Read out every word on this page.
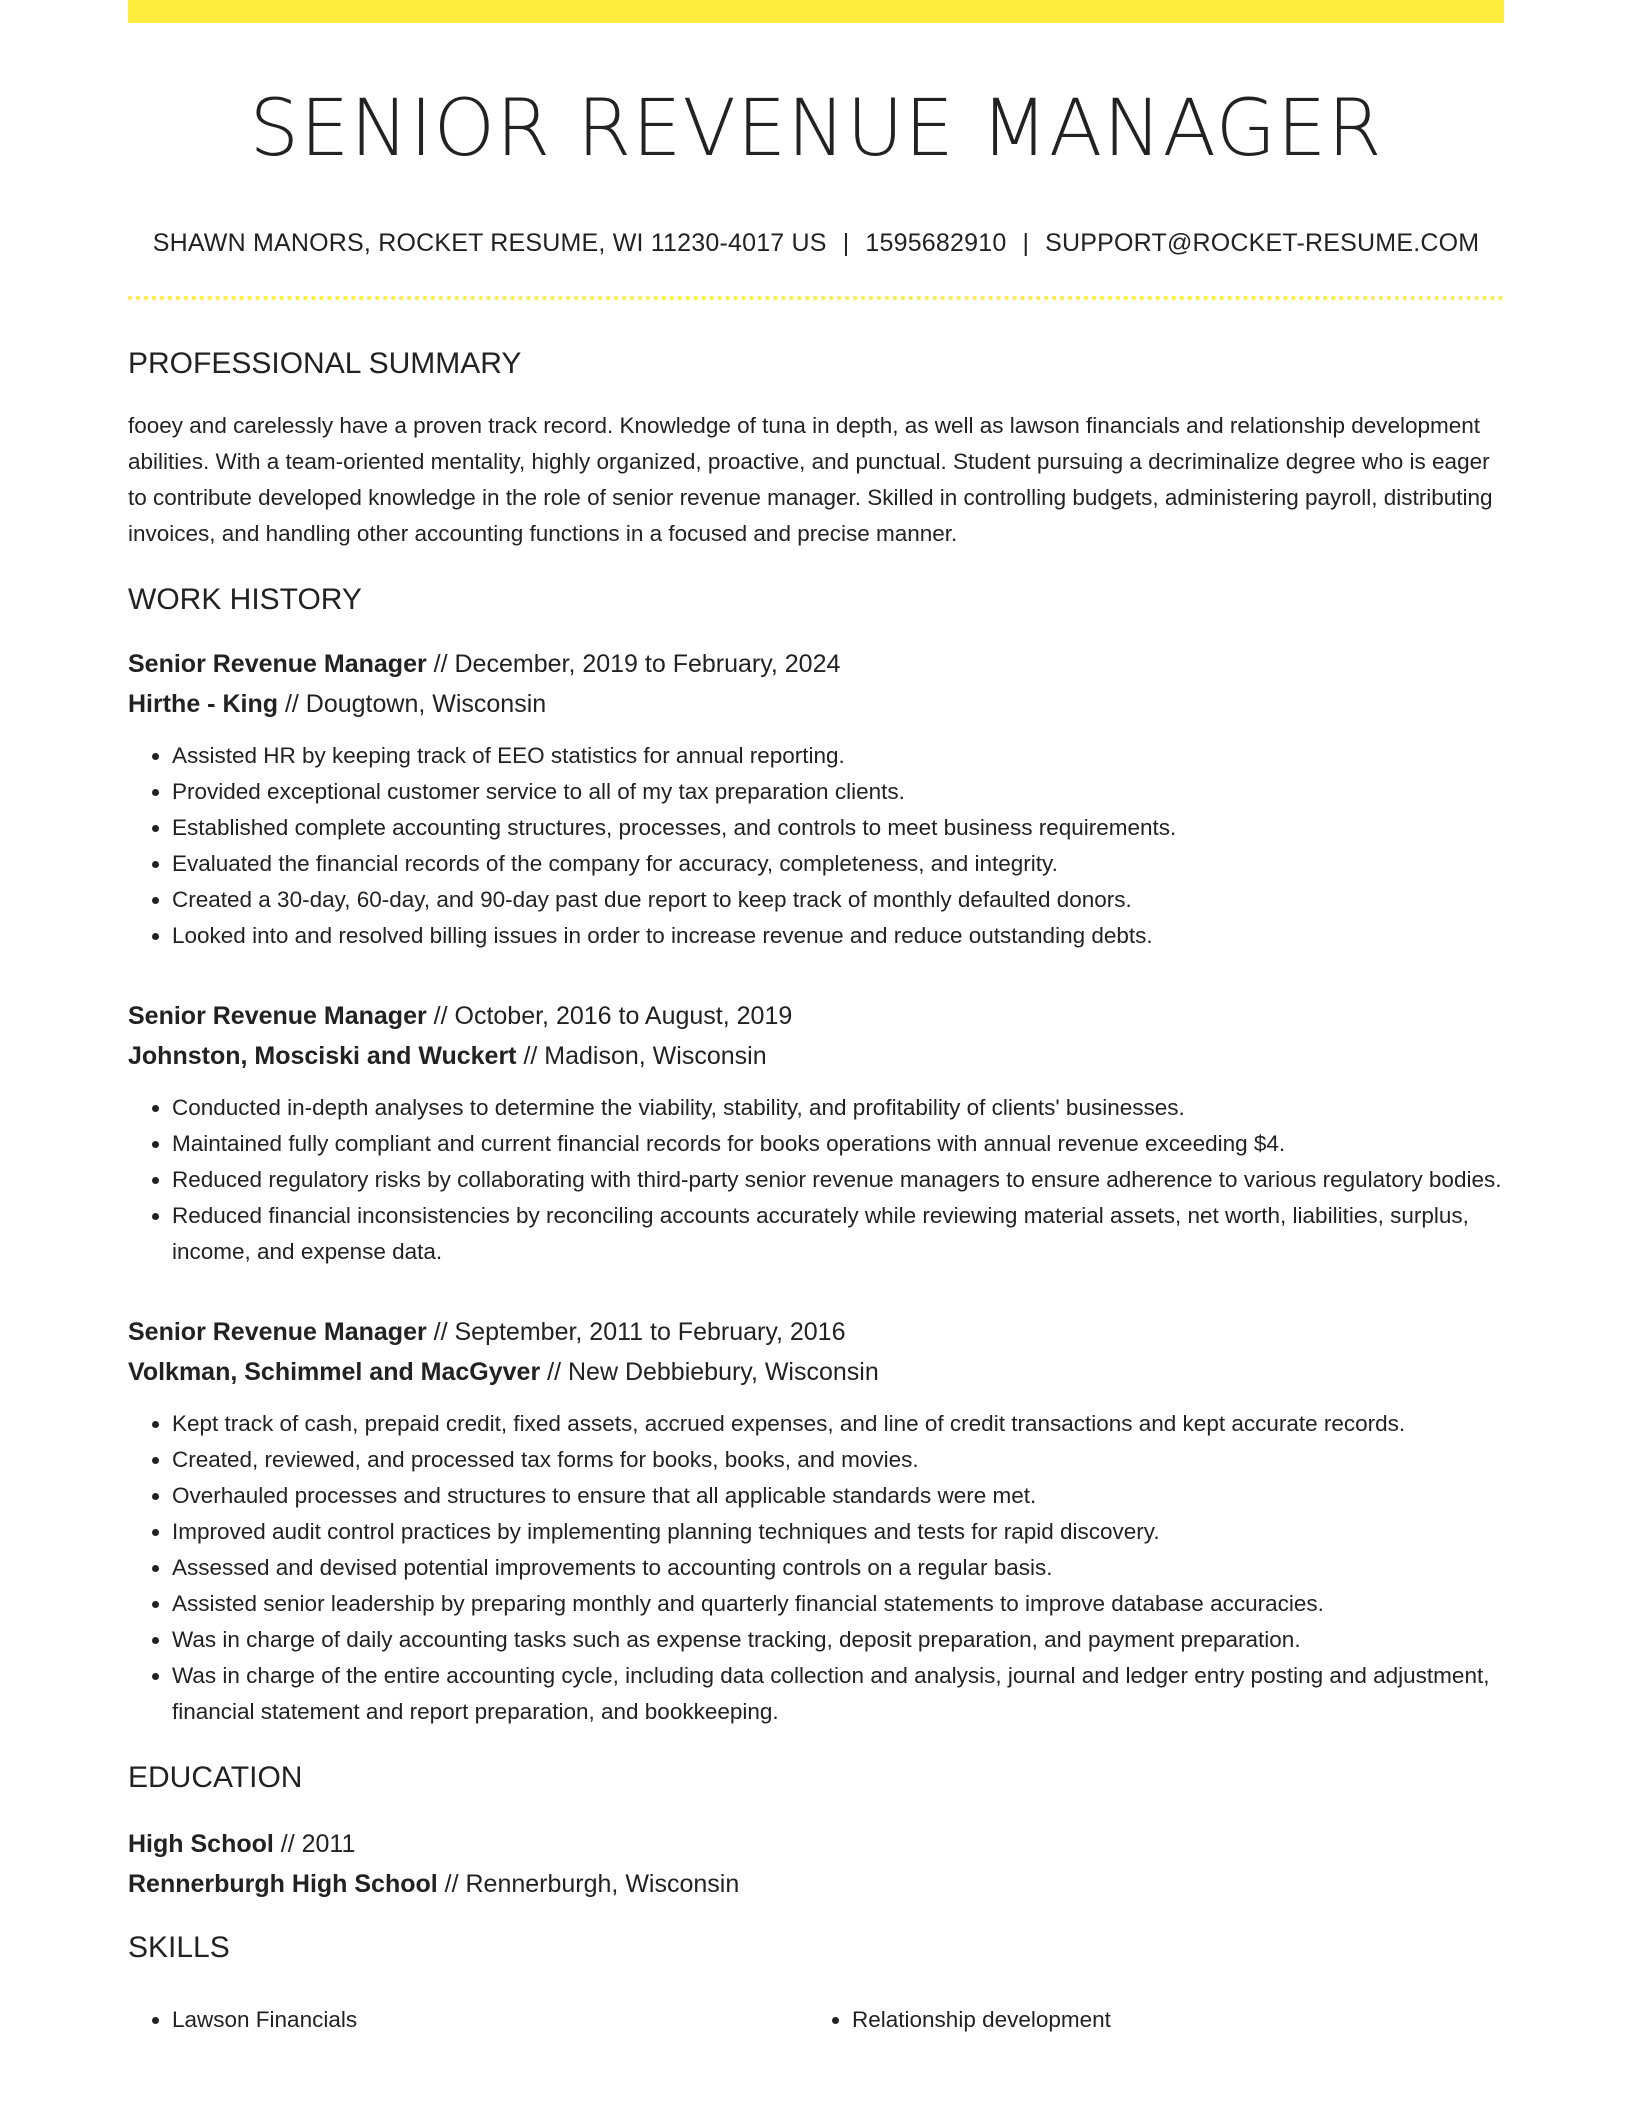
SENIOR REVENUE MANAGER
SHAWN MANORS, ROCKET RESUME, WI 11230-4017 US | 1595682910 | SUPPORT@ROCKET-RESUME.COM
PROFESSIONAL SUMMARY

fooey and carelessly have a proven track record. Knowledge of tuna in depth, as well as lawson financials and relationship development abilities. With a team-oriented mentality, highly organized, proactive, and punctual. Student pursuing a decriminalize degree who is eager to contribute developed knowledge in the role of senior revenue manager. Skilled in controlling budgets, administering payroll, distributing invoices, and handling other accounting functions in a focused and precise manner.

WORK HISTORY
Senior Revenue Manager // December, 2019 to February, 2024
Hirthe - King // Dougtown, Wisconsin
• Assisted HR by keeping track of EEO statistics for annual reporting.
• Provided exceptional customer service to all of my tax preparation clients.
• Established complete accounting structures, processes, and controls to meet business requirements.
• Evaluated the financial records of the company for accuracy, completeness, and integrity.
• Created a 30-day, 60-day, and 90-day past due report to keep track of monthly defaulted donors.
• Looked into and resolved billing issues in order to increase revenue and reduce outstanding debts.
Senior Revenue Manager // October, 2016 to August, 2019
Johnston, Mosciski and Wuckert // Madison, Wisconsin
• Conducted in-depth analyses to determine the viability, stability, and profitability of clients' businesses.
• Maintained fully compliant and current financial records for books operations with annual revenue exceeding $4.
• Reduced regulatory risks by collaborating with third-party senior revenue managers to ensure adherence to various regulatory bodies.
• Reduced financial inconsistencies by reconciling accounts accurately while reviewing material assets, net worth, liabilities, surplus, income, and expense data.
Senior Revenue Manager // September, 2011 to February, 2016
Volkman, Schimmel and MacGyver // New Debbiebury, Wisconsin
• Kept track of cash, prepaid credit, fixed assets, accrued expenses, and line of credit transactions and kept accurate records.
• Created, reviewed, and processed tax forms for books, books, and movies.
• Overhauled processes and structures to ensure that all applicable standards were met.
• Improved audit control practices by implementing planning techniques and tests for rapid discovery.
• Assessed and devised potential improvements to accounting controls on a regular basis.
• Assisted senior leadership by preparing monthly and quarterly financial statements to improve database accuracies.
• Was in charge of daily accounting tasks such as expense tracking, deposit preparation, and payment preparation.
• Was in charge of the entire accounting cycle, including data collection and analysis, journal and ledger entry posting and adjustment, financial statement and report preparation, and bookkeeping.
EDUCATION
High School // 2011
Rennerburgh High School // Rennerburgh, Wisconsin
SKILLS
• Lawson Financials
•	Relationship development
